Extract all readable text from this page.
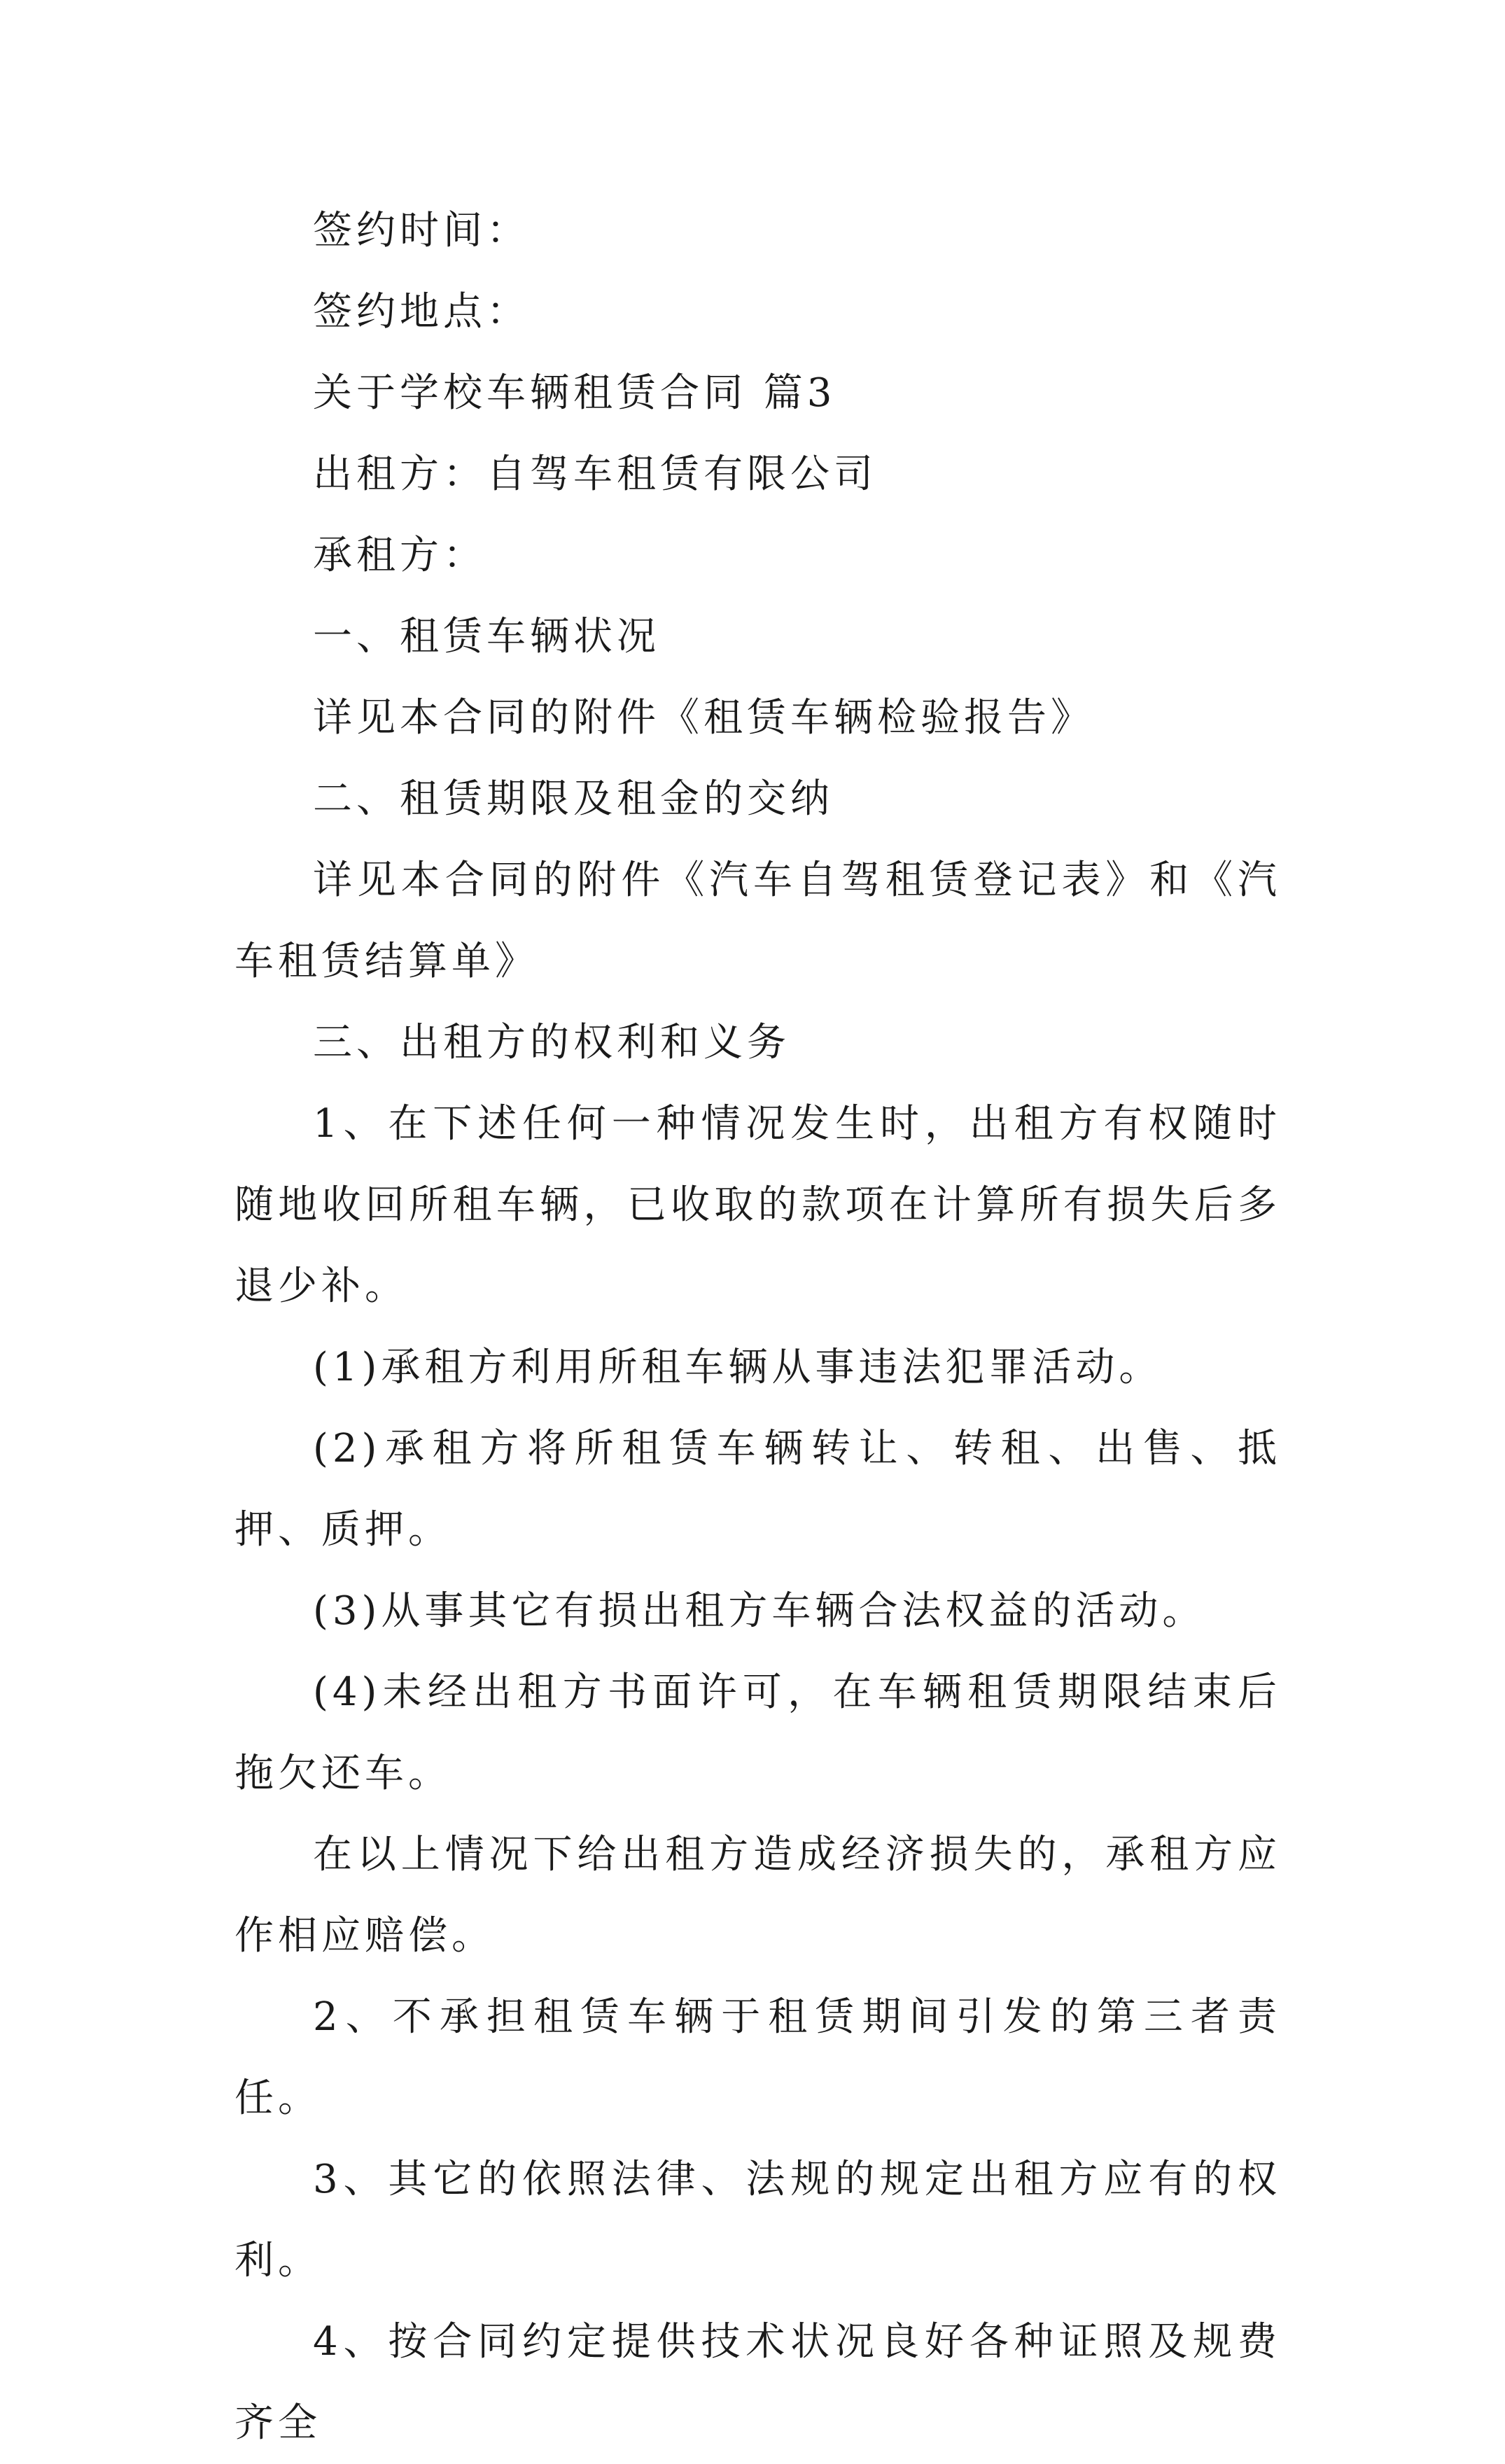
签约时间：

签约地点：

关于学校车辆租赁合同 篇3

出租方：自驾车租赁有限公司

承租方：

一、租赁车辆状况

详见本合同的附件《租赁车辆检验报告》

二、租赁期限及租金的交纳

详见本合同的附件《汽车自驾租赁登记表》和《汽车租赁结算单》

三、出租方的权利和义务

1、在下述任何一种情况发生时，出租方有权随时随地收回所租车辆，已收取的款项在计算所有损失后多退少补。

(1)承租方利用所租车辆从事违法犯罪活动。

(2)承租方将所租赁车辆转让、转租、出售、抵押、质押。

(3)从事其它有损出租方车辆合法权益的活动。

(4)未经出租方书面许可，在车辆租赁期限结束后拖欠还车。

在以上情况下给出租方造成经济损失的，承租方应作相应赔偿。

2、不承担租赁车辆于租赁期间引发的第三者责任。

3、其它的依照法律、法规的规定出租方应有的权利。

4、按合同约定提供技术状况良好各种证照及规费齐全
